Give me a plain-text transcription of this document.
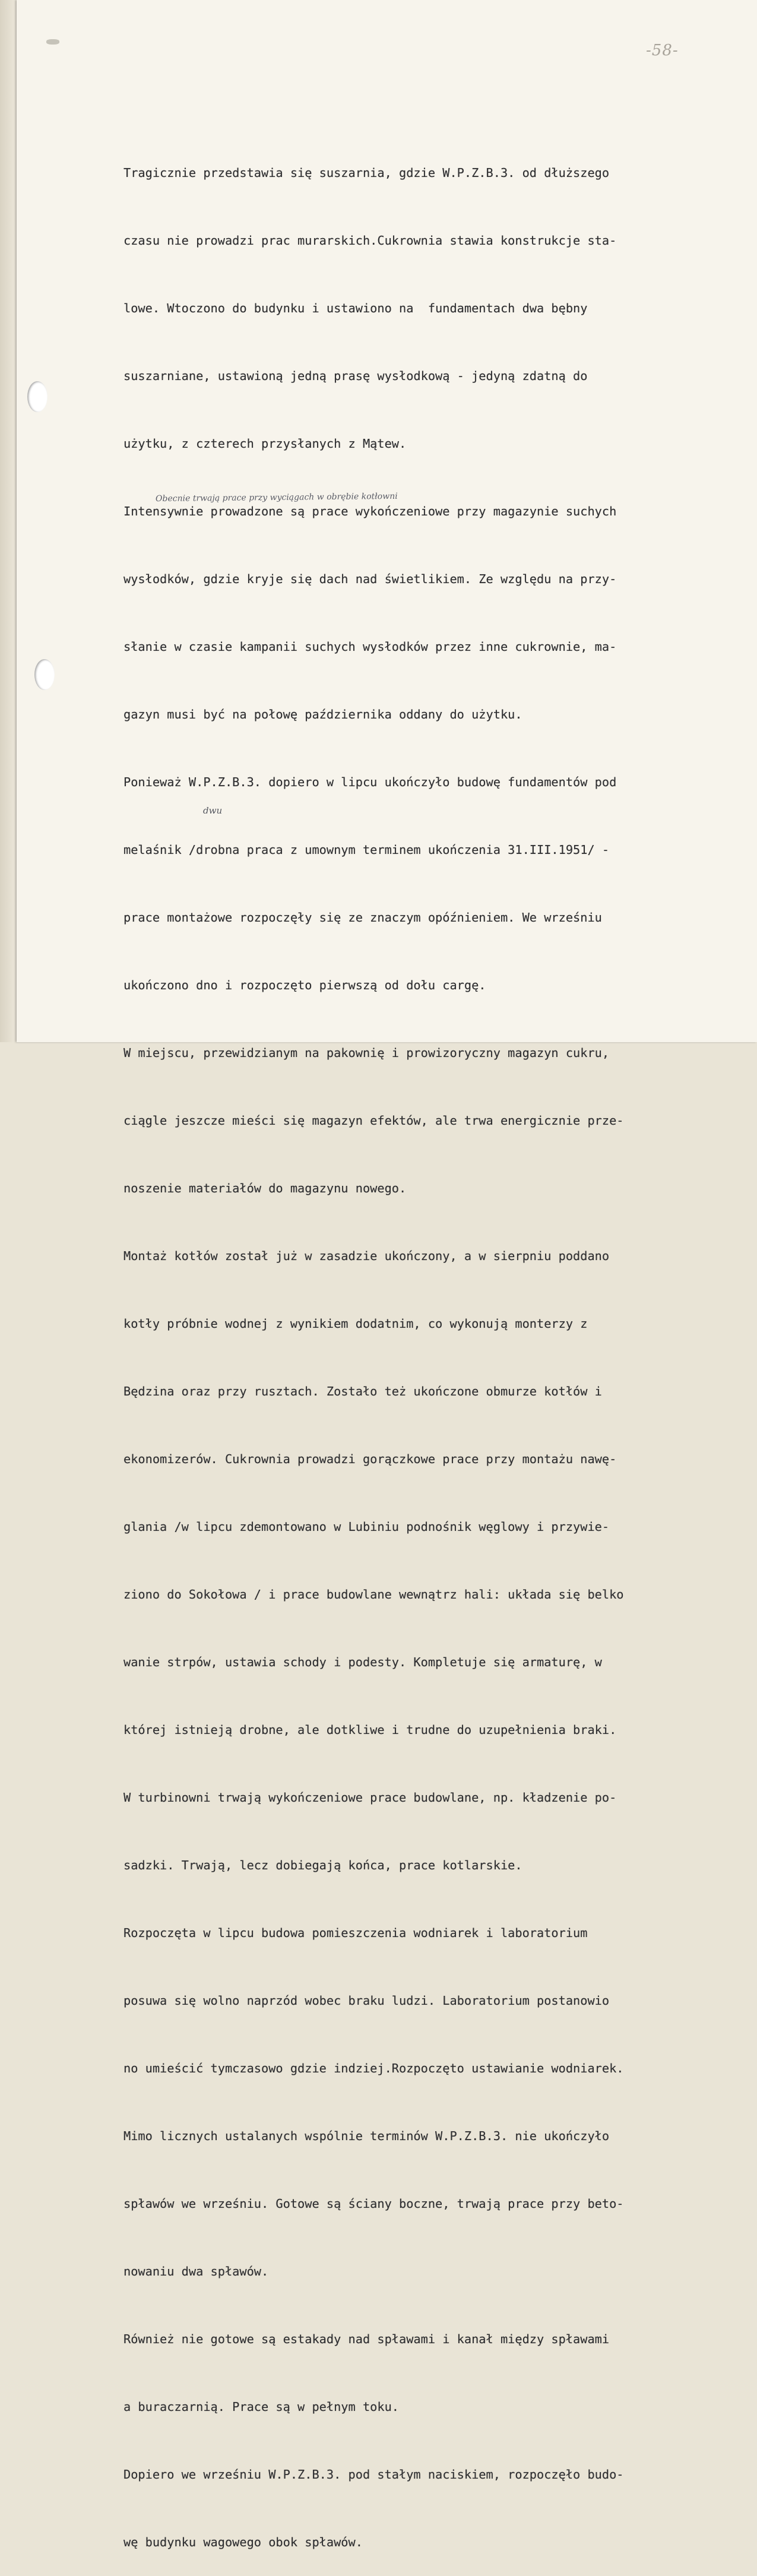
-58-

Tragicznie przedstawia się suszarnia, gdzie W.P.Z.B.3. od dłuższego

czasu nie prowadzi prac murarskich.Cukrownia stawia konstrukcje sta-

lowe. Wtoczono do budynku i ustawiono na  fundamentach dwa bębny

suszarniane, ustawioną jedną prasę wysłodkową - jedyną zdatną do

użytku, z czterech przysłanych z Mątew.

Intensywnie prowadzone są prace wykończeniowe przy magazynie suchych

wysłodków, gdzie kryje się dach nad świetlikiem. Ze względu na przy-

słanie w czasie kampanii suchych wysłodków przez inne cukrownie, ma-

gazyn musi być na połowę października oddany do użytku.

Ponieważ W.P.Z.B.3. dopiero w lipcu ukończyło budowę fundamentów pod

melaśnik /drobna praca z umownym terminem ukończenia 31.III.1951/ -

prace montażowe rozpoczęły się ze znaczym opóźnieniem. We wrześniu

ukończono dno i rozpoczęto pierwszą od dołu cargę.

W miejscu, przewidzianym na pakownię i prowizoryczny magazyn cukru,

ciągle jeszcze mieści się magazyn efektów, ale trwa energicznie prze-

noszenie materiałów do magazynu nowego.

Montaż kotłów został już w zasadzie ukończony, a w sierpniu poddano

kotły próbnie wodnej z wynikiem dodatnim, co wykonują monterzy z

Będzina oraz przy rusztach. Zostało też ukończone obmurze kotłów i

ekonomizerów. Cukrownia prowadzi gorączkowe prace przy montażu nawę-

glania /w lipcu zdemontowano w Lubiniu podnośnik węglowy i przywie-

ziono do Sokołowa / i prace budowlane wewnątrz hali: układa się belko

wanie strpów, ustawia schody i podesty. Kompletuje się armaturę, w

której istnieją drobne, ale dotkliwe i trudne do uzupełnienia braki.

W turbinowni trwają wykończeniowe prace budowlane, np. kładzenie po-

sadzki. Trwają, lecz dobiegają końca, prace kotlarskie.

Rozpoczęta w lipcu budowa pomieszczenia wodniarek i laboratorium

posuwa się wolno naprzód wobec braku ludzi. Laboratorium postanowio

no umieścić tymczasowo gdzie indziej.Rozpoczęto ustawianie wodniarek.

Mimo licznych ustalanych wspólnie terminów W.P.Z.B.3. nie ukończyło

spławów we wrześniu. Gotowe są ściany boczne, trwają prace przy beto-

nowaniu dwa spławów.

Również nie gotowe są estakady nad spławami i kanał między spławami

a buraczarnią. Prace są w pełnym toku.

Dopiero we wrześniu W.P.Z.B.3. pod stałym naciskiem, rozpoczęło budo-

wę budynku wagowego obok spławów.

Obecnie trwają prace przy wyciągach w obrębie kotłowni
dwu
